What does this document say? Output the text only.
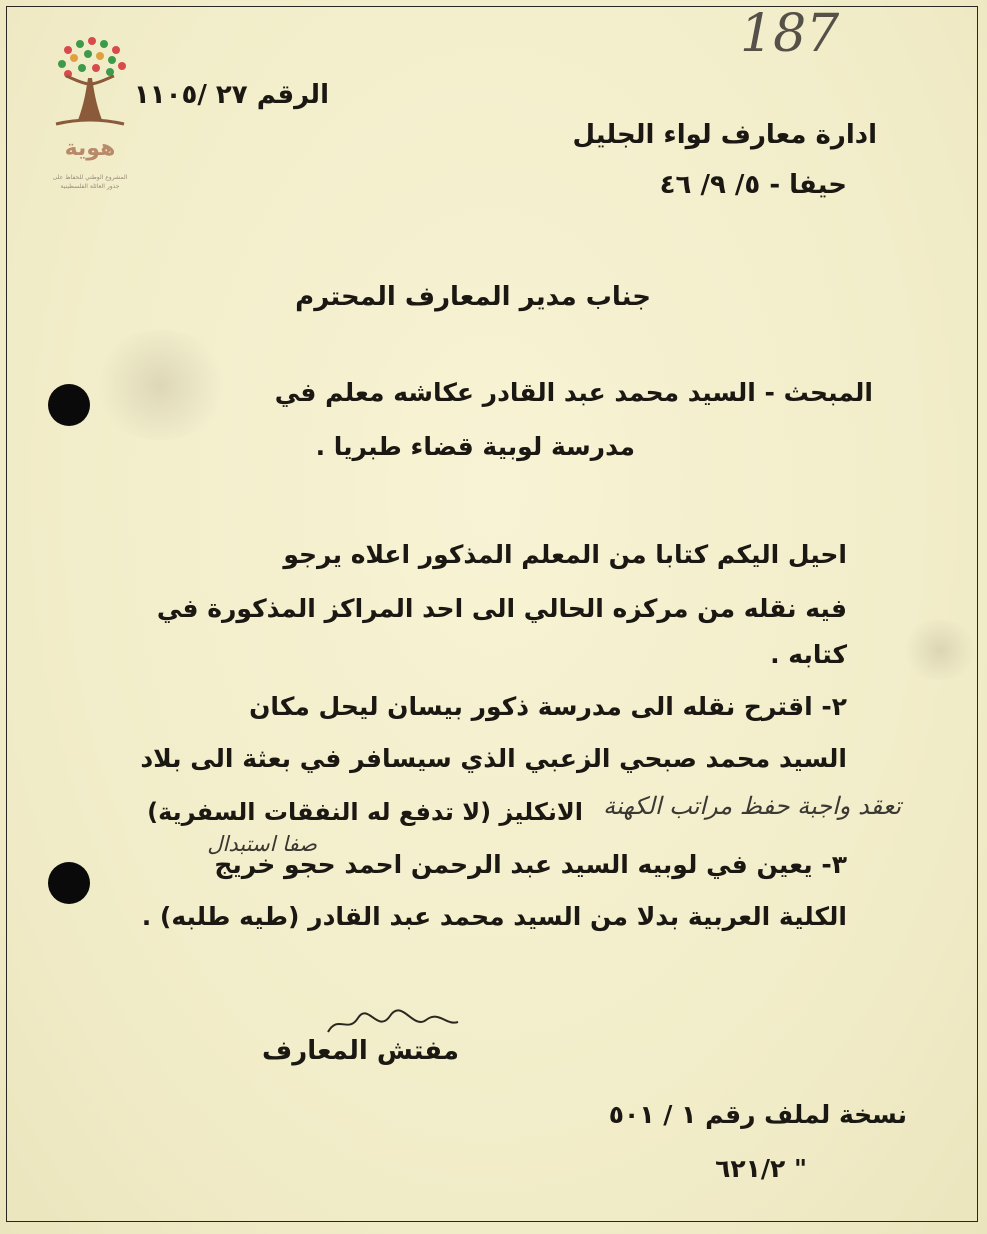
هوية
المشروع الوطني للحفاظ على
جذور العائلة الفلسطينية
187
الرقم ٢٧ /١١٠٥
ادارة معارف لواء الجليل
حيفا - ٥/ ٩/ ٤٦
جناب مدير المعارف المحترم
المبحث - السيد محمد عبد القادر عكاشه معلم في
مدرسة لوبية قضاء طبريا .
احيل اليكم كتابا من المعلم المذكور اعلاه يرجو
فيه نقله من مركزه الحالي الى احد المراكز المذكورة في
كتابه .
٢- اقترح نقله الى مدرسة ذكور بيسان ليحل مكان
السيد محمد صبحي الزعبي الذي سيسافر في بعثة الى بلاد
الانكليز (لا تدفع له النفقات السفرية) تعقد واجبة حفظ مراتب الكهنة
صفا استبدال
٣- يعين في لوبيه السيد عبد الرحمن احمد حجو خريج
الكلية العربية بدلا من السيد محمد عبد القادر (طيه طلبه) .
مفتش المعارف
نسخة لملف رقم ١ / ٥٠١
" ٦٢١/٢
